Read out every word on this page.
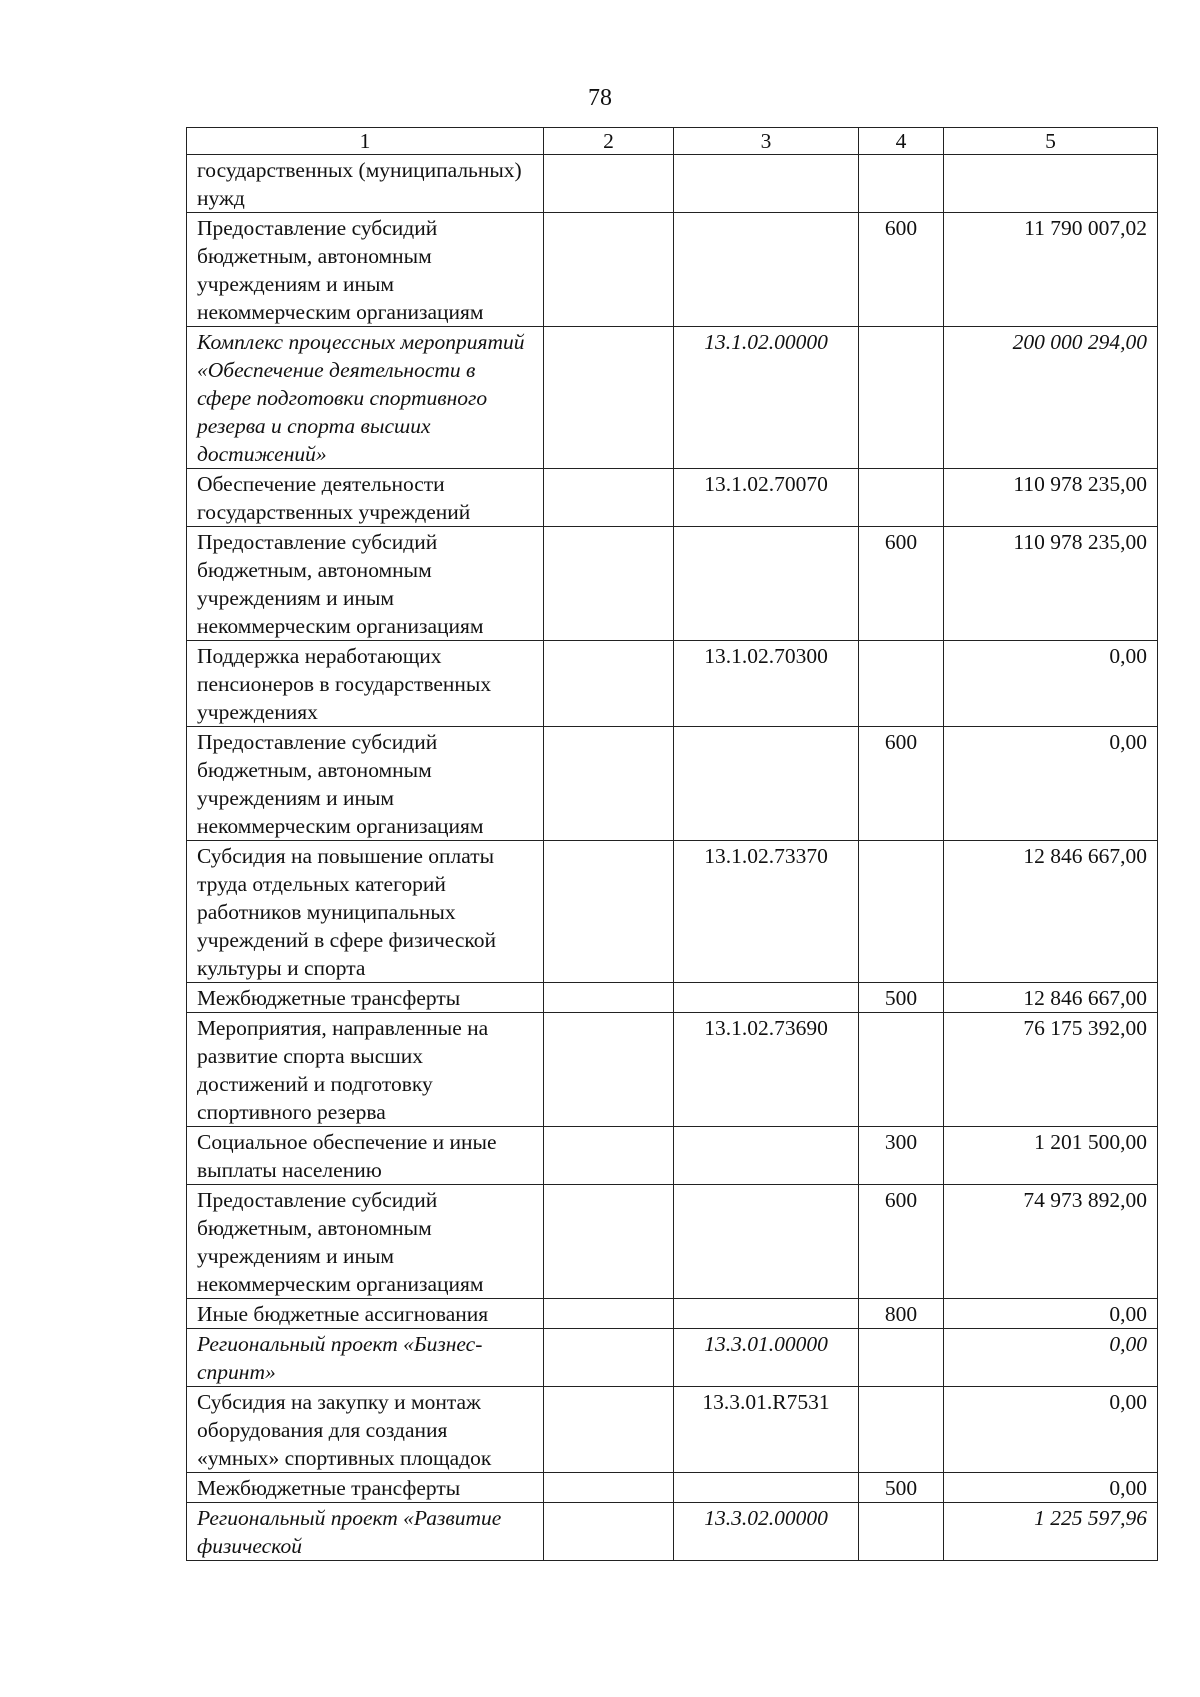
78
1	2	3	4	5
государственных (муниципальных) нужд				
Предоставление субсидий бюджетным, автономным учреждениям и иным некоммерческим организациям			600	11 790 007,02
Комплекс процессных мероприятий «Обеспечение деятельности в сфере подготовки спортивного резерва и спорта высших достижений»		13.1.02.00000		200 000 294,00
Обеспечение деятельности государственных учреждений		13.1.02.70070		110 978 235,00
Предоставление субсидий бюджетным, автономным учреждениям и иным некоммерческим организациям			600	110 978 235,00
Поддержка неработающих пенсионеров в государственных учреждениях		13.1.02.70300		0,00
Предоставление субсидий бюджетным, автономным учреждениям и иным некоммерческим организациям			600	0,00
Субсидия на повышение оплаты труда отдельных категорий работников муниципальных учреждений в сфере физической культуры и спорта		13.1.02.73370		12 846 667,00
Межбюджетные трансферты			500	12 846 667,00
Мероприятия, направленные на развитие спорта высших достижений и подготовку спортивного резерва		13.1.02.73690		76 175 392,00
Социальное обеспечение и иные выплаты населению			300	1 201 500,00
Предоставление субсидий бюджетным, автономным учреждениям и иным некоммерческим организациям			600	74 973 892,00
Иные бюджетные ассигнования			800	0,00
Региональный проект «Бизнес-спринт»		13.3.01.00000		0,00
Субсидия на закупку и монтаж оборудования для создания «умных» спортивных площадок		13.3.01.R7531		0,00
Межбюджетные трансферты			500	0,00
Региональный проект «Развитие физической		13.3.02.00000		1 225 597,96
